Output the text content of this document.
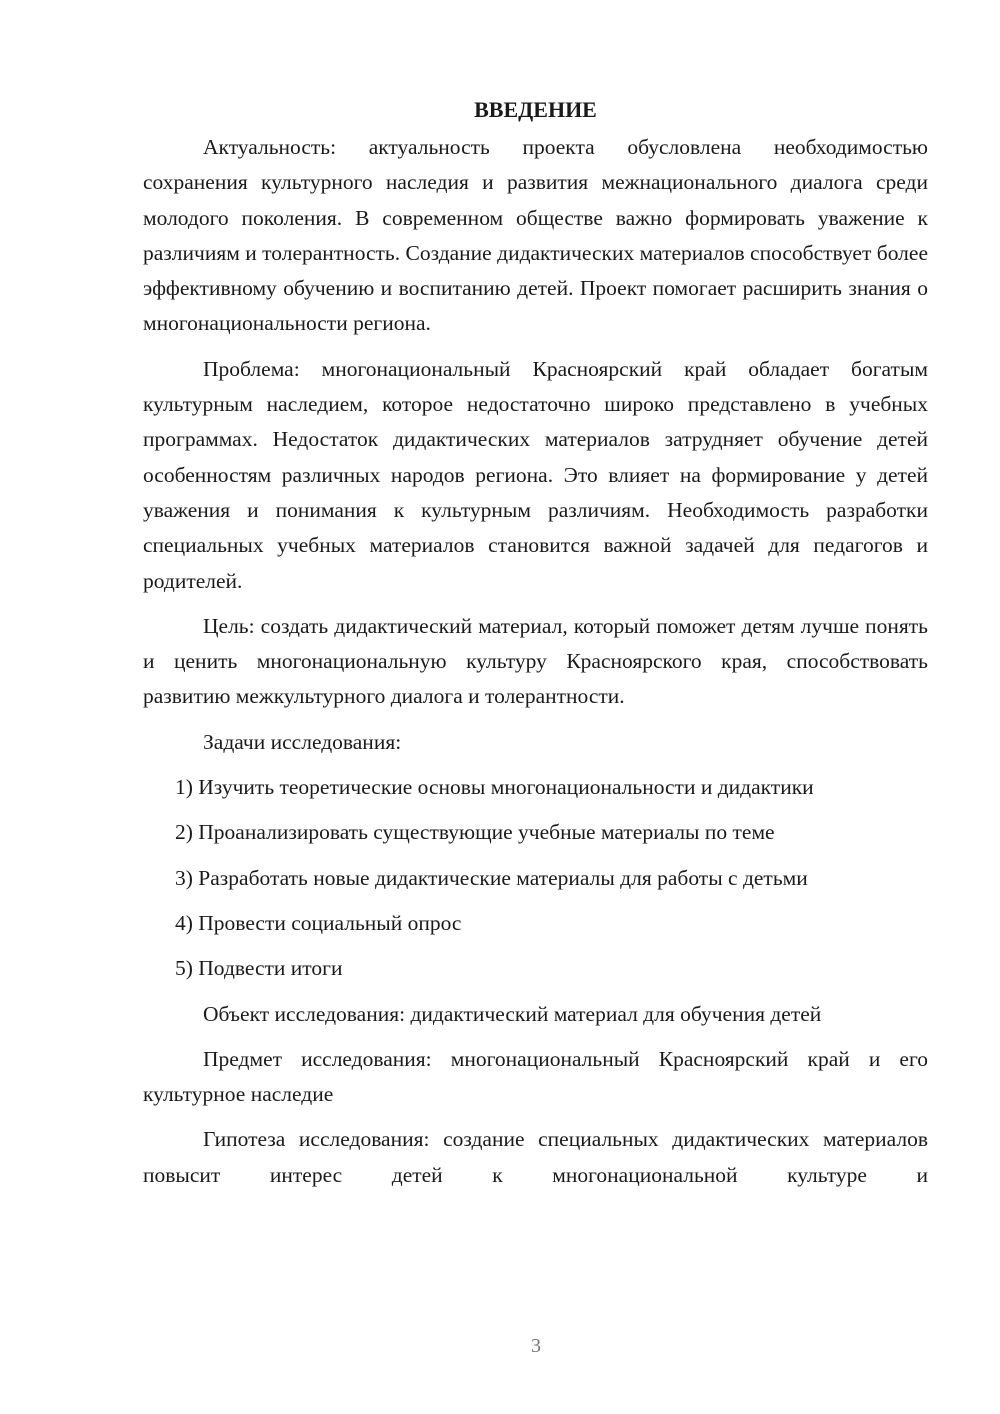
ВВЕДЕНИЕ

Актуальность: актуальность проекта обусловлена необходимостью сохранения культурного наследия и развития межнационального диалога среди молодого поколения. В современном обществе важно формировать уважение к различиям и толерантность. Создание дидактических материалов способствует более эффективному обучению и воспитанию детей. Проект помогает расширить знания о многонациональности региона.

Проблема: многонациональный Красноярский край обладает богатым культурным наследием, которое недостаточно широко представлено в учебных программах. Недостаток дидактических материалов затрудняет обучение детей особенностям различных народов региона. Это влияет на формирование у детей уважения и понимания к культурным различиям. Необходимость разработки специальных учебных материалов становится важной задачей для педагогов и родителей.

Цель: создать дидактический материал, который поможет детям лучше понять и ценить многонациональную культуру Красноярского края, способствовать развитию межкультурного диалога и толерантности.

Задачи исследования:

1) Изучить теоретические основы многонациональности и дидактики
2) Проанализировать существующие учебные материалы по теме
3) Разработать новые дидактические материалы для работы с детьми
4) Провести социальный опрос
5) Подвести итоги

Объект исследования: дидактический материал для обучения детей

Предмет исследования: многонациональный Красноярский край и его культурное наследие

Гипотеза исследования: создание специальных дидактических материалов повысит интерес детей к многонациональной культуре и

3
